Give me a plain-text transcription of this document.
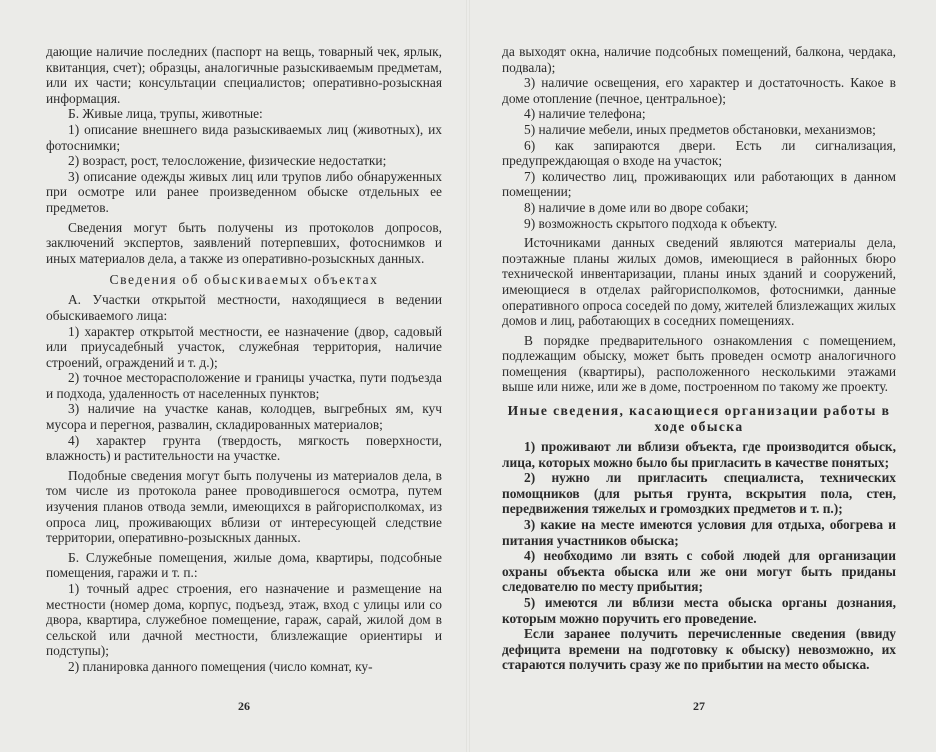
дающие наличие последних (паспорт на вещь, товарный чек, ярлык, квитанция, счет); образцы, аналогичные разыскиваемым предметам, или их части; консультации специалистов; оперативно-розыскная информация.

Б. Живые лица, трупы, животные:

1) описание внешнего вида разыскиваемых лиц (животных), их фотоснимки;

2) возраст, рост, телосложение, физические недостатки;

3) описание одежды живых лиц или трупов либо обнаруженных при осмотре или ранее произведенном обыске отдельных ее предметов.

Сведения могут быть получены из протоколов допросов, заключений экспертов, заявлений потерпевших, фотоснимков и иных материалов дела, а также из оперативно-розыскных данных.

Сведения об обыскиваемых объектах

А. Участки открытой местности, находящиеся в ведении обыскиваемого лица:

1) характер открытой местности, ее назначение (двор, садовый или приусадебный участок, служебная территория, наличие строений, ограждений и т. д.);

2) точное месторасположение и границы участка, пути подъезда и подхода, удаленность от населенных пунктов;

3) наличие на участке канав, колодцев, выгребных ям, куч мусора и перегноя, развалин, складированных материалов;

4) характер грунта (твердость, мягкость поверхности, влажность) и растительности на участке.

Подобные сведения могут быть получены из материалов дела, в том числе из протокола ранее проводившегося осмотра, путем изучения планов отвода земли, имеющихся в райгорисполкомах, из опроса лиц, проживающих вблизи от интересующей следствие территории, оперативно-розыскных данных.

Б. Служебные помещения, жилые дома, квартиры, подсобные помещения, гаражи и т. п.:

1) точный адрес строения, его назначение и размещение на местности (номер дома, корпус, подъезд, этаж, вход с улицы или со двора, квартира, служебное помещение, гараж, сарай, жилой дом в сельской или дачной местности, близлежащие ориентиры и подступы);

2) планировка данного помещения (число комнат, ку-

26

да выходят окна, наличие подсобных помещений, балкона, чердака, подвала);

3) наличие освещения, его характер и достаточность. Какое в доме отопление (печное, центральное);

4) наличие телефона;

5) наличие мебели, иных предметов обстановки, механизмов;

6) как запираются двери. Есть ли сигнализация, предупреждающая о входе на участок;

7) количество лиц, проживающих или работающих в данном помещении;

8) наличие в доме или во дворе собаки;

9) возможность скрытого подхода к объекту.

Источниками данных сведений являются материалы дела, поэтажные планы жилых домов, имеющиеся в районных бюро технической инвентаризации, планы иных зданий и сооружений, имеющиеся в отделах райгорисполкомов, фотоснимки, данные оперативного опроса соседей по дому, жителей близлежащих жилых домов и лиц, работающих в соседних помещениях.

В порядке предварительного ознакомления с помещением, подлежащим обыску, может быть проведен осмотр аналогичного помещения (квартиры), расположенного несколькими этажами выше или ниже, или же в доме, построенном по такому же проекту.

Иные сведения, касающиеся организации работы в ходе обыска

1) проживают ли вблизи объекта, где производится обыск, лица, которых можно было бы пригласить в качестве понятых;

2) нужно ли пригласить специалиста, технических помощников (для рытья грунта, вскрытия пола, стен, передвижения тяжелых и громоздких предметов и т. п.);

3) какие на месте имеются условия для отдыха, обогрева и питания участников обыска;

4) необходимо ли взять с собой людей для организации охраны объекта обыска или же они могут быть приданы следователю по месту прибытия;

5) имеются ли вблизи места обыска органы дознания, которым можно поручить его проведение.

Если заранее получить перечисленные сведения (ввиду дефицита времени на подготовку к обыску) невозможно, их стараются получить сразу же по прибытии на место обыска.

27
